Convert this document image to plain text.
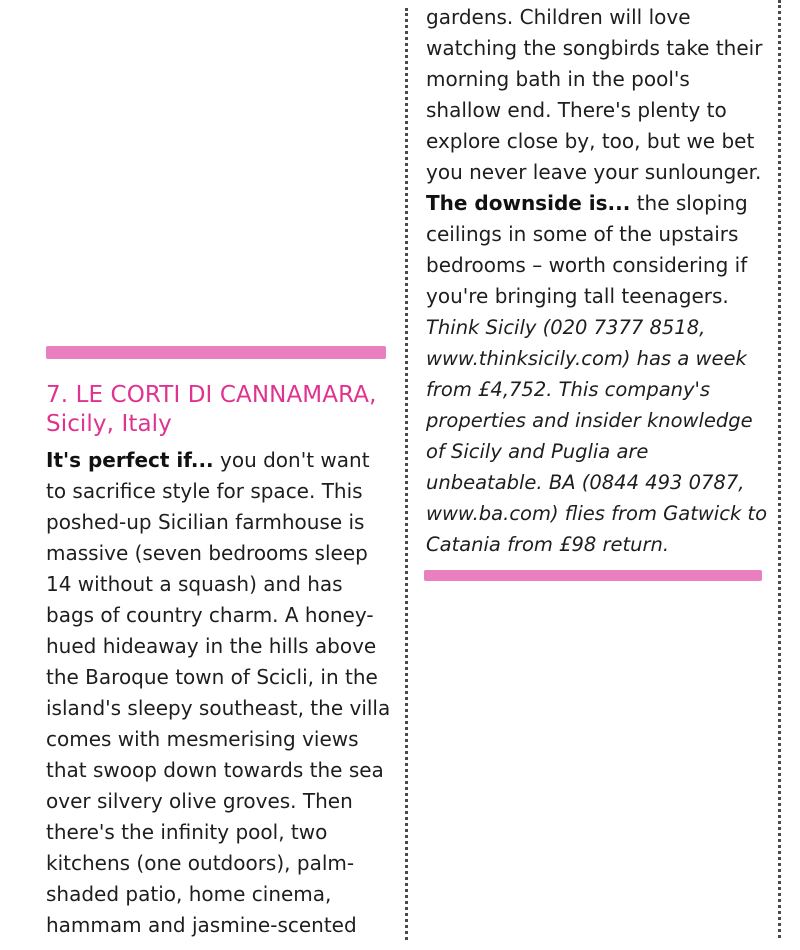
7. LE CORTI DI CANNAMARA, Sicily, Italy

It's perfect if... you don't want to sacrifice style for space. This poshed-up Sicilian farmhouse is massive (seven bedrooms sleep 14 without a squash) and has bags of country charm. A honey-hued hideaway in the hills above the Baroque town of Scicli, in the island's sleepy southeast, the villa comes with mesmerising views that swoop down towards the sea over silvery olive groves. Then there's the infinity pool, two kitchens (one outdoors), palm-shaded patio, home cinema, hammam and jasmine-scented

gardens. Children will love watching the songbirds take their morning bath in the pool's shallow end. There's plenty to explore close by, too, but we bet you never leave your sunlounger.

The downside is... the sloping ceilings in some of the upstairs bedrooms – worth considering if you're bringing tall teenagers.

Think Sicily (020 7377 8518, www.thinksicily.com) has a week from £4,752. This company's properties and insider knowledge of Sicily and Puglia are unbeatable. BA (0844 493 0787, www.ba.com) flies from Gatwick to Catania from £98 return.
